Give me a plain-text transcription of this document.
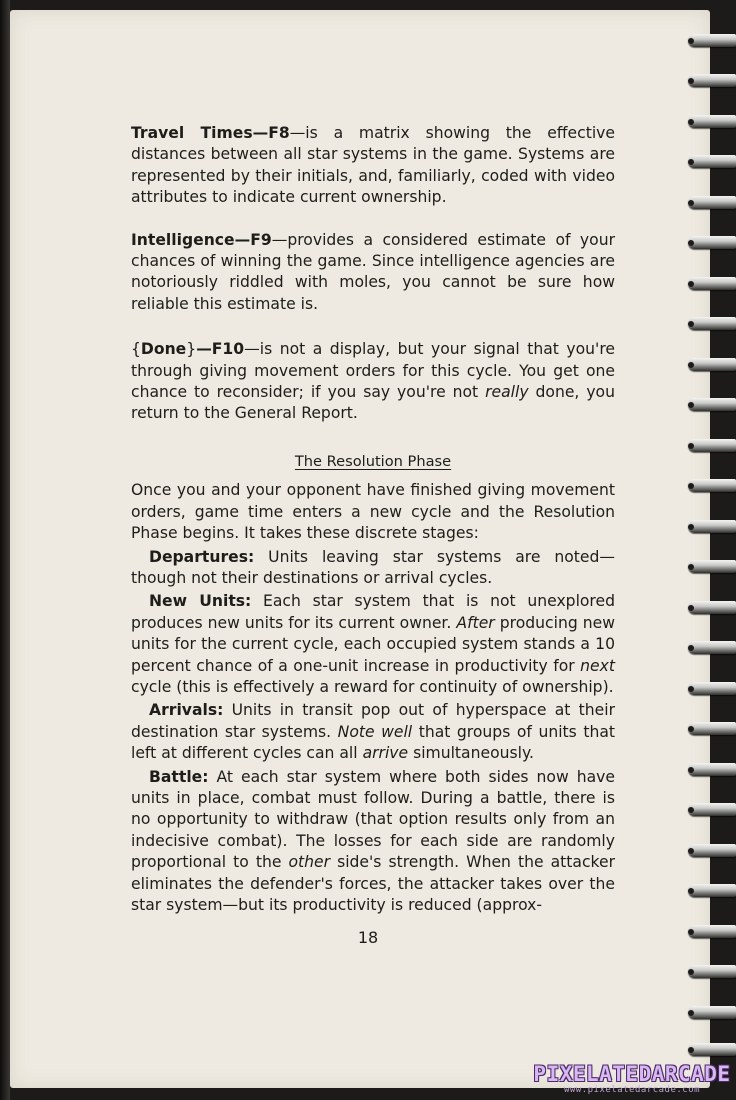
Travel Times—F8—is a matrix showing the effective distances between all star systems in the game. Systems are represented by their initials, and, familiarly, coded with video attributes to indicate current ownership.

Intelligence—F9—provides a considered estimate of your chances of winning the game. Since intelligence agencies are notoriously riddled with moles, you cannot be sure how reliable this estimate is.

{Done}—F10—is not a display, but your signal that you're through giving movement orders for this cycle. You get one chance to reconsider; if you say you're not really done, you return to the General Report.

The Resolution Phase

Once you and your opponent have finished giving movement orders, game time enters a new cycle and the Resolution Phase begins. It takes these discrete stages:

Departures: Units leaving star systems are noted—though not their destinations or arrival cycles.

New Units: Each star system that is not unexplored produces new units for its current owner. After producing new units for the current cycle, each occupied system stands a 10 percent chance of a one-unit increase in productivity for next cycle (this is effectively a reward for continuity of ownership).

Arrivals: Units in transit pop out of hyperspace at their destination star systems. Note well that groups of units that left at different cycles can all arrive simultaneously.

Battle: At each star system where both sides now have units in place, combat must follow. During a battle, there is no opportunity to withdraw (that option results only from an indecisive combat). The losses for each side are randomly proportional to the other side's strength. When the attacker eliminates the defender's forces, the attacker takes over the star system—but its productivity is reduced (approx-

18
PIXELATEDARCADE
www.pixelatedarcade.com
